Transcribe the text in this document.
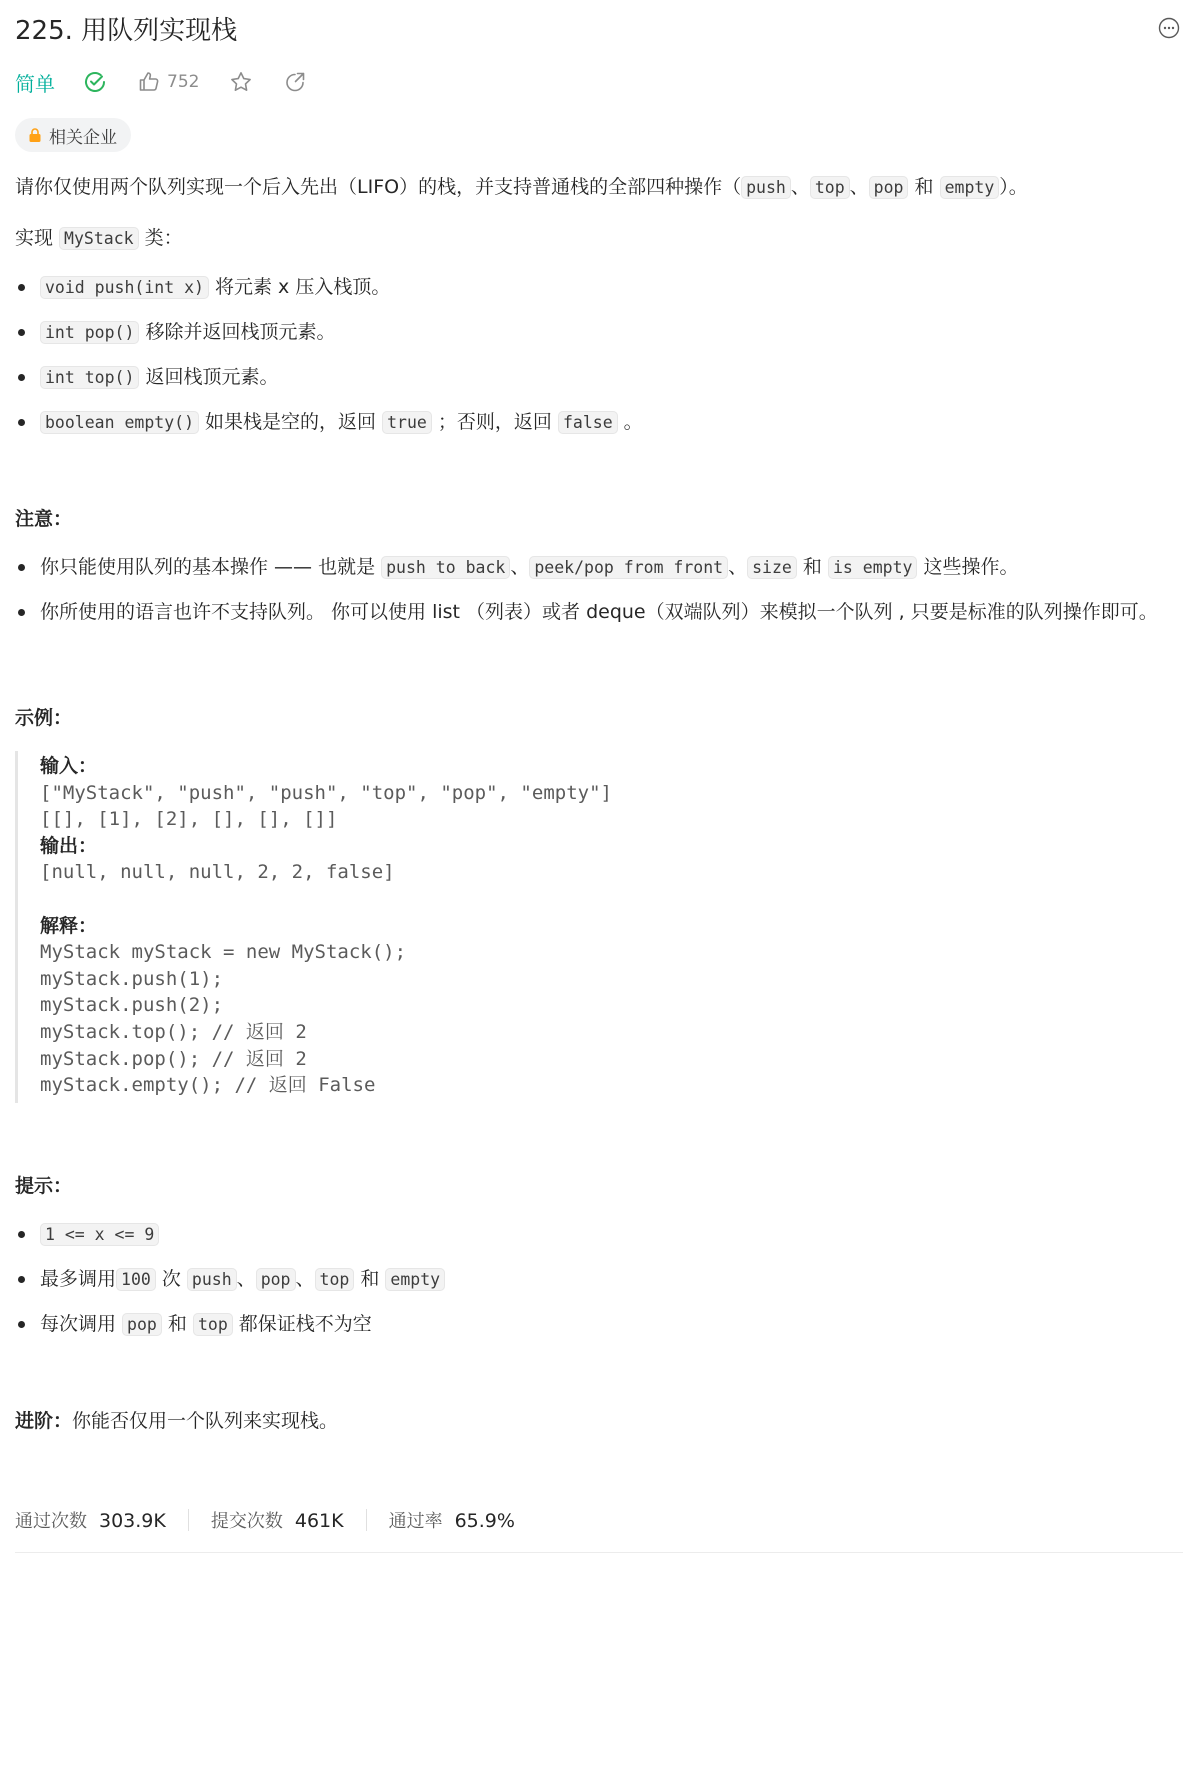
225. 用队列实现栈
简单	752
相关企业

请你仅使用两个队列实现一个后入先出（LIFO）的栈，并支持普通栈的全部四种操作（ push 、 top 、 pop 和 empty ）。

实现 MyStack 类：

void push(int x) 将元素 x 压入栈顶。
int pop() 移除并返回栈顶元素。
int top() 返回栈顶元素。
boolean empty() 如果栈是空的，返回 true ；否则，返回 false 。

注意：

你只能使用队列的基本操作 —— 也就是 push to back 、 peek/pop from front 、 size 和 is empty 这些操作。
你所使用的语言也许不支持队列。 你可以使用 list （列表）或者 deque（双端队列）来模拟一个队列 , 只要是标准的队列操作即可。

示例：

输入：
["MyStack", "push", "push", "top", "pop", "empty"]
[[], [1], [2], [], [], []]
输出：
[null, null, null, 2, 2, false]

解释：
MyStack myStack = new MyStack();
myStack.push(1);
myStack.push(2);
myStack.top(); // 返回 2
myStack.pop(); // 返回 2
myStack.empty(); // 返回 False

提示：

1 <= x <= 9
最多调用 100 次 push 、 pop 、 top 和 empty
每次调用 pop 和 top 都保证栈不为空

进阶：你能否仅用一个队列来实现栈。

通过次数 303.9K	提交次数 461K	通过率 65.9%
